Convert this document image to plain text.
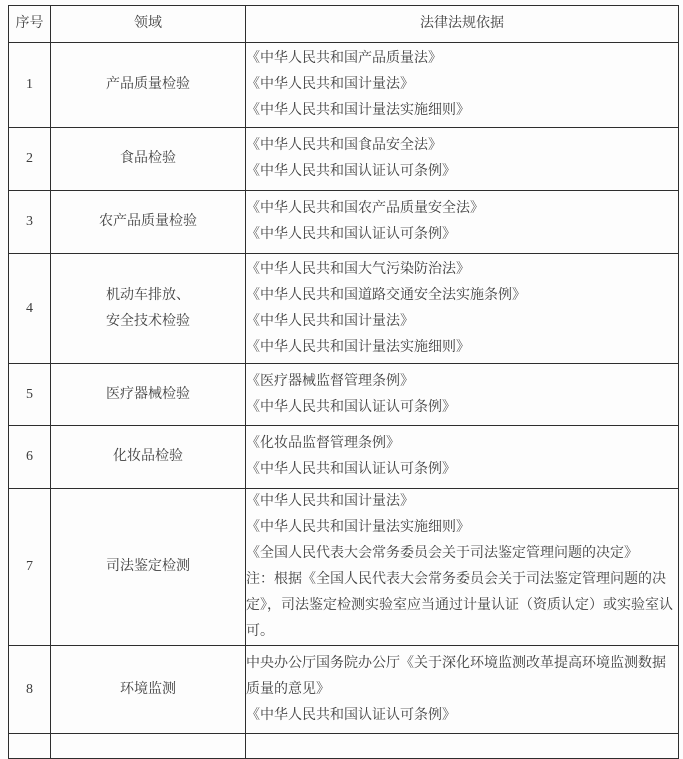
序号	领域	法律法规依据
1	产品质量检验	《中华人民共和国产品质量法》
《中华人民共和国计量法》
《中华人民共和国计量法实施细则》

2	食品检验	《中华人民共和国食品安全法》
《中华人民共和国认证认可条例》

3	农产品质量检验	《中华人民共和国农产品质量安全法》
《中华人民共和国认证认可条例》

4	机动车排放、
安全技术检验	《中华人民共和国大气污染防治法》
《中华人民共和国道路交通安全法实施条例》
《中华人民共和国计量法》
《中华人民共和国计量法实施细则》

5	医疗器械检验	《医疗器械监督管理条例》
《中华人民共和国认证认可条例》

6	化妆品检验	《化妆品监督管理条例》
《中华人民共和国认证认可条例》

7	司法鉴定检测	《中华人民共和国计量法》
《中华人民共和国计量法实施细则》
《全国人民代表大会常务委员会关于司法鉴定管理问题的决定》
注：根据《全国人民代表大会常务委员会关于司法鉴定管理问题的决定》，司法鉴定检测实验室应当通过计量认证（资质认定）或实验室认可。

8	环境监测	中央办公厅国务院办公厅《关于深化环境监测改革提高环境监测数据质量的意见》
《中华人民共和国认证认可条例》
